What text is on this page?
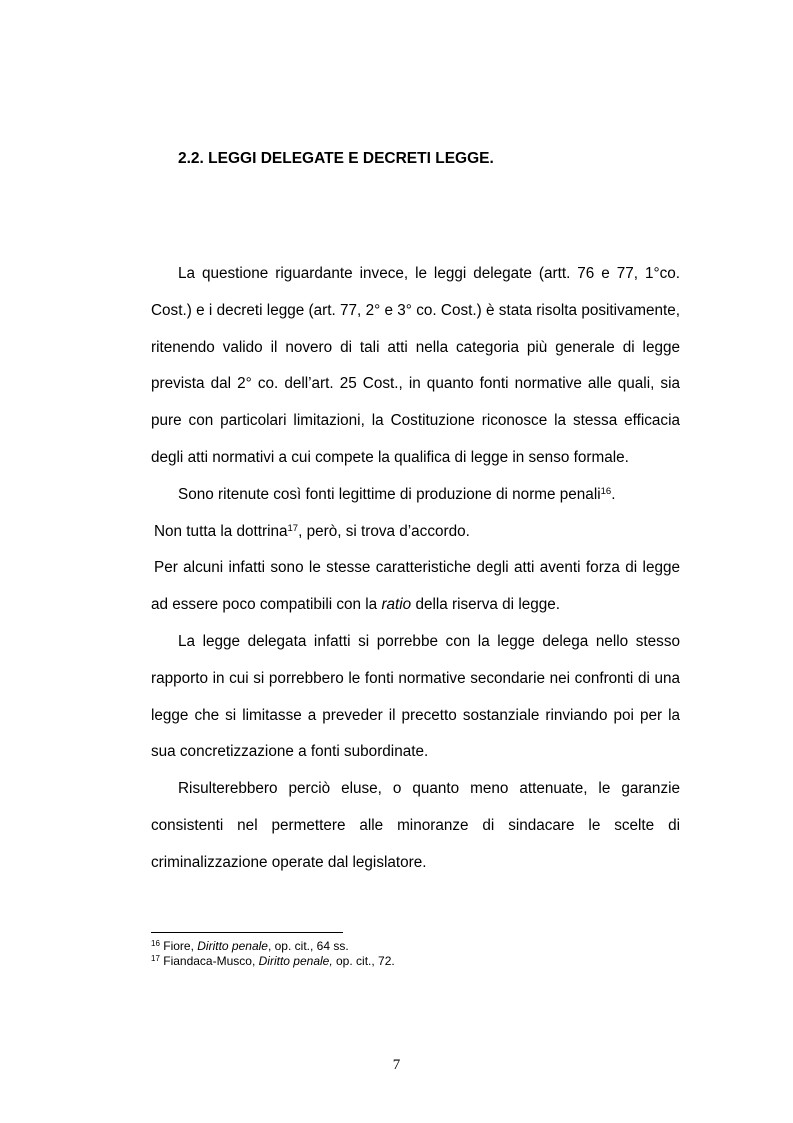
2.2. LEGGI DELEGATE E DECRETI LEGGE.

La questione riguardante invece, le leggi delegate (artt. 76 e 77, 1°co. Cost.) e i decreti legge (art. 77, 2° e 3° co. Cost.) è stata risolta positivamente, ritenendo valido il novero di tali atti nella categoria più generale di legge prevista dal 2° co. dell’art. 25 Cost., in quanto fonti normative alle quali, sia pure con particolari limitazioni, la Costituzione riconosce la stessa efficacia degli atti normativi a cui compete la qualifica di legge in senso formale.

Sono ritenute così fonti legittime di produzione di norme penali$^{16}$.

Non tutta la dottrina$^{17}$, però, si trova d’accordo.

Per alcuni infatti sono le stesse caratteristiche degli atti aventi forza di legge ad essere poco compatibili con la ratio della riserva di legge.

La legge delegata infatti si porrebbe con la legge delega nello stesso rapporto in cui si porrebbero le fonti normative secondarie nei confronti di una legge che si limitasse a preveder il precetto sostanziale rinviando poi per la sua concretizzazione a fonti subordinate.

Risulterebbero perciò eluse, o quanto meno attenuate, le garanzie consistenti nel permettere alle minoranze di sindacare le scelte di criminalizzazione operate dal legislatore.

$^{16}$ Fiore, Diritto penale, op. cit., 64 ss.

$^{17}$ Fiandaca-Musco, Diritto penale, op. cit., 72.

7
